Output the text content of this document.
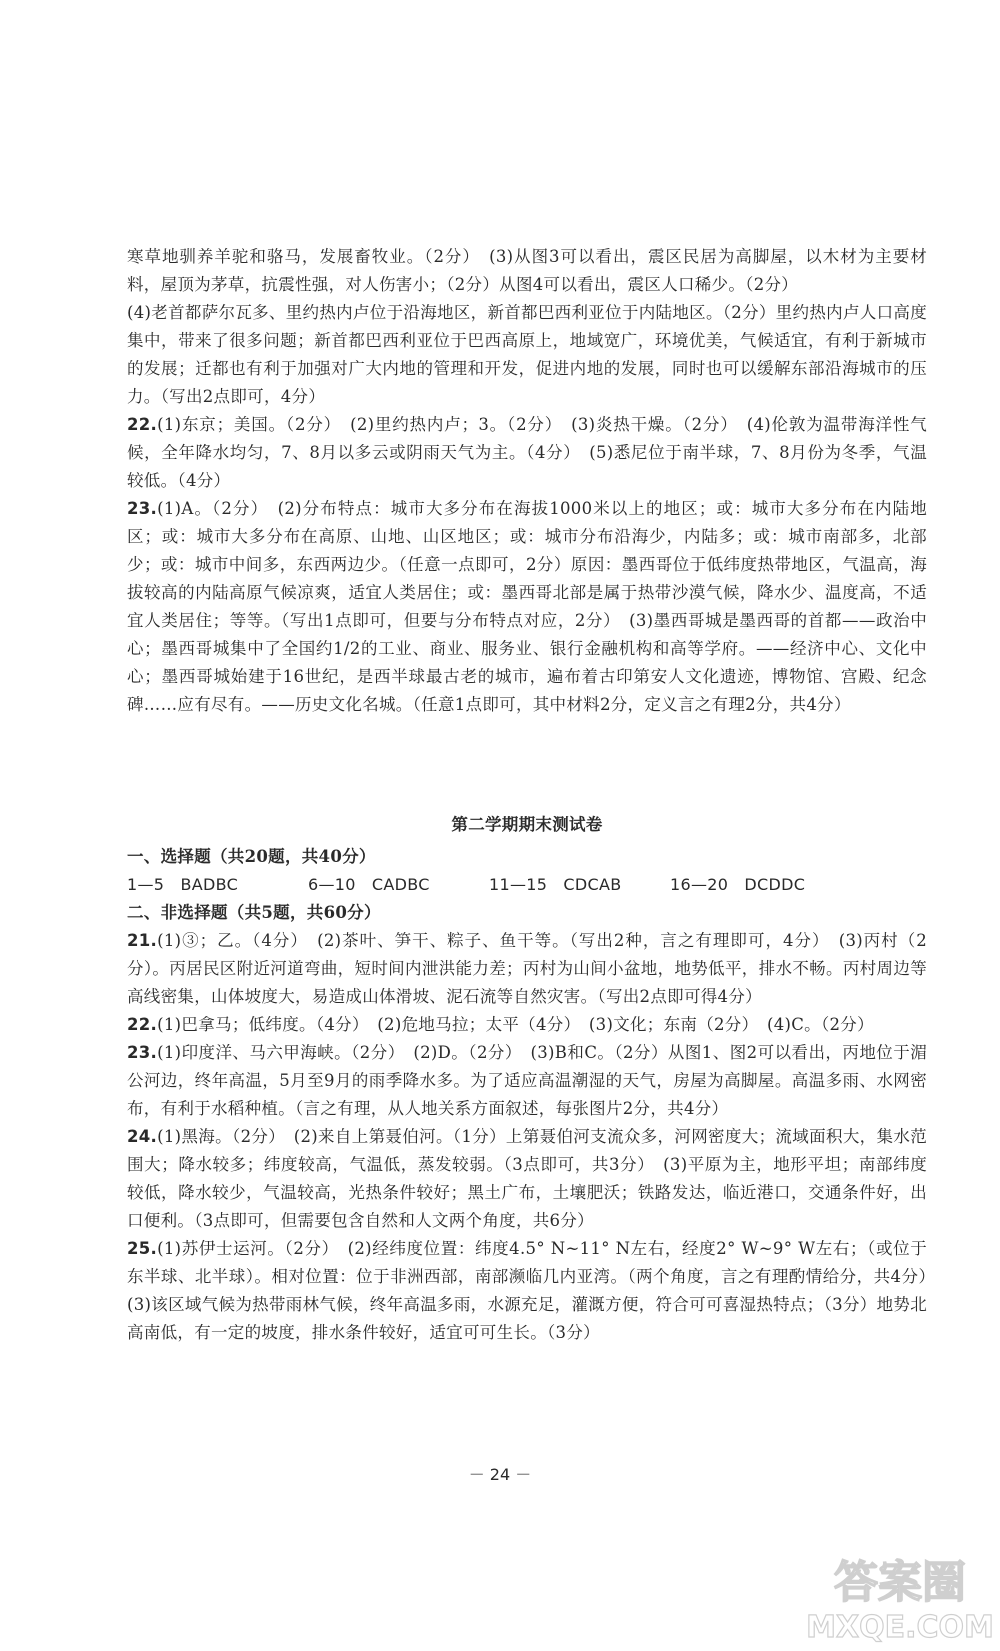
寒草地驯养羊驼和骆马，发展畜牧业。（2分）　(3)从图3可以看出，震区民居为高脚屋，以木材为主要材料，屋顶为茅草，抗震性强，对人伤害小；（2分）从图4可以看出，震区人口稀少。（2分）

(4)老首都萨尔瓦多、里约热内卢位于沿海地区，新首都巴西利亚位于内陆地区。（2分）里约热内卢人口高度集中，带来了很多问题；新首都巴西利亚位于巴西高原上，地域宽广，环境优美，气候适宜，有利于新城市的发展；迁都也有利于加强对广大内地的管理和开发，促进内地的发展，同时也可以缓解东部沿海城市的压力。（写出2点即可，4分）

22.(1)东京；美国。（2分）　(2)里约热内卢；3。（2分）　(3)炎热干燥。（2分）　(4)伦敦为温带海洋性气候，全年降水均匀，7、8月以多云或阴雨天气为主。（4分）　(5)悉尼位于南半球，7、8月份为冬季，气温较低。（4分）

23.(1)A。（2分）　(2)分布特点：城市大多分布在海拔1000米以上的地区；或：城市大多分布在内陆地区；或：城市大多分布在高原、山地、山区地区；或：城市分布沿海少，内陆多；或：城市南部多，北部少；或：城市中间多，东西两边少。（任意一点即可，2分）原因：墨西哥位于低纬度热带地区，气温高，海拔较高的内陆高原气候凉爽，适宜人类居住；或：墨西哥北部是属于热带沙漠气候，降水少、温度高，不适宜人类居住；等等。（写出1点即可，但要与分布特点对应，2分）　(3)墨西哥城是墨西哥的首都——政治中心；墨西哥城集中了全国约1/2的工业、商业、服务业、银行金融机构和高等学府。——经济中心、文化中心；墨西哥城始建于16世纪，是西半球最古老的城市，遍布着古印第安人文化遗迹，博物馆、宫殿、纪念碑……应有尽有。——历史文化名城。（任意1点即可，其中材料2分，定义言之有理2分，共4分）

第二学期期末测试卷

一、选择题（共20题，共40分）

1—5 BADBC	6—10 CADBC	11—15 CDCAB	16—20 DCDDC

二、非选择题（共5题，共60分）

21.(1)③；乙。（4分）　(2)茶叶、笋干、粽子、鱼干等。（写出2种，言之有理即可，4分）　(3)丙村（2分）。丙居民区附近河道弯曲，短时间内泄洪能力差；丙村为山间小盆地，地势低平，排水不畅。丙村周边等高线密集，山体坡度大，易造成山体滑坡、泥石流等自然灾害。（写出2点即可得4分）

22.(1)巴拿马；低纬度。（4分）　(2)危地马拉；太平（4分）　(3)文化；东南（2分）　(4)C。（2分）

23.(1)印度洋、马六甲海峡。（2分）　(2)D。（2分）　(3)B和C。（2分）从图1、图2可以看出，丙地位于湄公河边，终年高温，5月至9月的雨季降水多。为了适应高温潮湿的天气，房屋为高脚屋。高温多雨、水网密布，有利于水稻种植。（言之有理，从人地关系方面叙述，每张图片2分，共4分）

24.(1)黑海。（2分）　(2)来自上第聂伯河。（1分）上第聂伯河支流众多，河网密度大；流域面积大，集水范围大；降水较多；纬度较高，气温低，蒸发较弱。（3点即可，共3分）　(3)平原为主，地形平坦；南部纬度较低，降水较少，气温较高，光热条件较好；黑土广布，土壤肥沃；铁路发达，临近港口，交通条件好，出口便利。（3点即可，但需要包含自然和人文两个角度，共6分）

25.(1)苏伊士运河。（2分）　(2)经纬度位置：纬度4.5° N~11° N左右，经度2° W~9° W左右；（或位于东半球、北半球）。相对位置：位于非洲西部，南部濒临几内亚湾。（两个角度，言之有理酌情给分，共4分）　(3)该区域气候为热带雨林气候，终年高温多雨，水源充足，灌溉方便，符合可可喜湿热特点；（3分）地势北高南低，有一定的坡度，排水条件较好，适宜可可生长。（3分）

－ 24 －
答案圈
MXQE.COM
